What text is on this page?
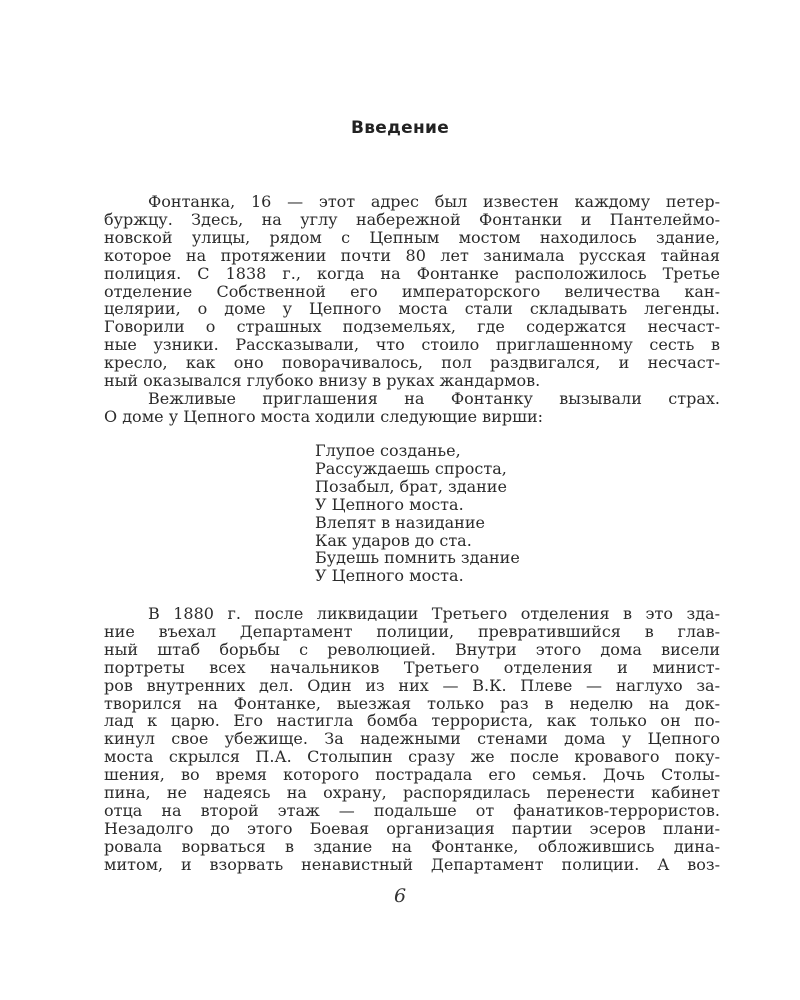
Введение
Фонтанка, 16 — этот адрес был известен каждому петер-
буржцу. Здесь, на углу набережной Фонтанки и Пантелеймо-
новской улицы, рядом с Цепным мостом находилось здание,
которое на протяжении почти 80 лет занимала русская тайная
полиция. С 1838 г., когда на Фонтанке расположилось Третье
отделение Собственной его императорского величества кан-
целярии, о доме у Цепного моста стали складывать легенды.
Говорили о страшных подземельях, где содержатся несчаст-
ные узники. Рассказывали, что стоило приглашенному сесть в
кресло, как оно поворачивалось, пол раздвигался, и несчаст-
ный оказывался глубоко внизу в руках жандармов.
Вежливые приглашения на Фонтанку вызывали страх.
О доме у Цепного моста ходили следующие вирши:
Глупое созданье,
Рассуждаешь спроста,
Позабыл, брат, здание
У Цепного моста.
Влепят в назидание
Как ударов до ста.
Будешь помнить здание
У Цепного моста.
В 1880 г. после ликвидации Третьего отделения в это зда-
ние въехал Департамент полиции, превратившийся в глав-
ный штаб борьбы с революцией. Внутри этого дома висели
портреты всех начальников Третьего отделения и минист-
ров внутренних дел. Один из них — В.К. Плеве — наглухо за-
творился на Фонтанке, выезжая только раз в неделю на док-
лад к царю. Его настигла бомба террориста, как только он по-
кинул свое убежище. За надежными стенами дома у Цепного
моста скрылся П.А. Столыпин сразу же после кровавого поку-
шения, во время которого пострадала его семья. Дочь Столы-
пина, не надеясь на охрану, распорядилась перенести кабинет
отца на второй этаж — подальше от фанатиков-террористов.
Незадолго до этого Боевая организация партии эсеров плани-
ровала ворваться в здание на Фонтанке, обложившись дина-
митом, и взорвать ненавистный Департамент полиции. А воз-
6
